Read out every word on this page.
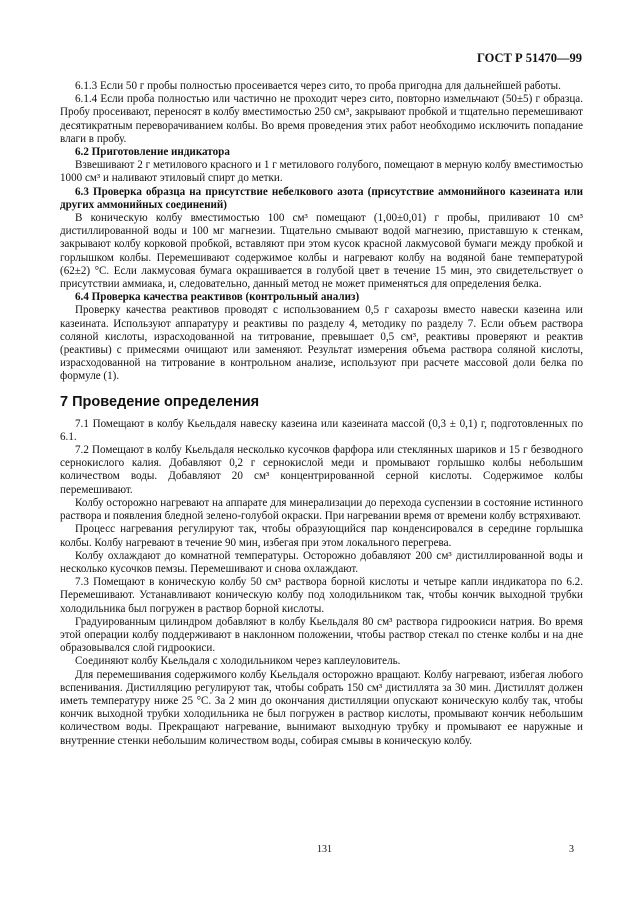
ГОСТ Р 51470—99

6.1.3 Если 50 г пробы полностью просеивается через сито, то проба пригодна для дальнейшей работы.

6.1.4 Если проба полностью или частично не проходит через сито, повторно измельчают (50±5) г образца. Пробу просеивают, переносят в колбу вместимостью 250 см³, закрывают пробкой и тщательно перемешивают десятикратным переворачиванием колбы. Во время проведения этих работ необходимо исключить попадание влаги в пробу.

6.2 Приготовление индикатора

Взвешивают 2 г метилового красного и 1 г метилового голубого, помещают в мерную колбу вместимостью 1000 см³ и наливают этиловый спирт до метки.

6.3 Проверка образца на присутствие небелкового азота (присутствие аммонийного казеината или других аммонийных соединений)

В коническую колбу вместимостью 100 см³ помещают (1,00±0,01) г пробы, приливают 10 см³ дистиллированной воды и 100 мг магнезии. Тщательно смывают водой магнезию, приставшую к стенкам, закрывают колбу корковой пробкой, вставляют при этом кусок красной лакмусовой бумаги между пробкой и горлышком колбы. Перемешивают содержимое колбы и нагревают колбу на водяной бане температурой (62±2) °С. Если лакмусовая бумага окрашивается в голубой цвет в течение 15 мин, это свидетельствует о присутствии аммиака, и, следовательно, данный метод не может применяться для определения белка.

6.4 Проверка качества реактивов (контрольный анализ)

Проверку качества реактивов проводят с использованием 0,5 г сахарозы вместо навески казеина или казеината. Используют аппаратуру и реактивы по разделу 4, методику по разделу 7. Если объем раствора соляной кислоты, израсходованной на титрование, превышает 0,5 см³, реактивы проверяют и реактив (реактивы) с примесями очищают или заменяют. Результат измерения объема раствора соляной кислоты, израсходованной на титрование в контрольном анализе, используют при расчете массовой доли белка по формуле (1).

7 Проведение определения

7.1 Помещают в колбу Кьельдаля навеску казеина или казеината массой (0,3 ± 0,1) г, подготовленных по 6.1.

7.2 Помещают в колбу Кьельдаля несколько кусочков фарфора или стеклянных шариков и 15 г безводного сернокислого калия. Добавляют 0,2 г сернокислой меди и промывают горлышко колбы небольшим количеством воды. Добавляют 20 см³ концентрированной серной кислоты. Содержимое колбы перемешивают.

Колбу осторожно нагревают на аппарате для минерализации до перехода суспензии в состояние истинного раствора и появления бледной зелено-голубой окраски. При нагревании время от времени колбу встряхивают.

Процесс нагревания регулируют так, чтобы образующийся пар конденсировался в середине горлышка колбы. Колбу нагревают в течение 90 мин, избегая при этом локального перегрева.

Колбу охлаждают до комнатной температуры. Осторожно добавляют 200 см³ дистиллированной воды и несколько кусочков пемзы. Перемешивают и снова охлаждают.

7.3 Помещают в коническую колбу 50 см³ раствора борной кислоты и четыре капли индикатора по 6.2. Перемешивают. Устанавливают коническую колбу под холодильником так, чтобы кончик выходной трубки холодильника был погружен в раствор борной кислоты.

Градуированным цилиндром добавляют в колбу Кьельдаля 80 см³ раствора гидроокиси натрия. Во время этой операции колбу поддерживают в наклонном положении, чтобы раствор стекал по стенке колбы и на дне образовывался слой гидроокиси.

Соединяют колбу Кьельдаля с холодильником через каплеуловитель.

Для перемешивания содержимого колбу Кьельдаля осторожно вращают. Колбу нагревают, избегая любого вспенивания. Дистилляцию регулируют так, чтобы собрать 150 см³ дистиллята за 30 мин. Дистиллят должен иметь температуру ниже 25 °С. За 2 мин до окончания дистилляции опускают коническую колбу так, чтобы кончик выходной трубки холодильника не был погружен в раствор кислоты, промывают кончик небольшим количеством воды. Прекращают нагревание, вынимают выходную трубку и промывают ее наружные и внутренние стенки небольшим количеством воды, собирая смывы в коническую колбу.

131	3
